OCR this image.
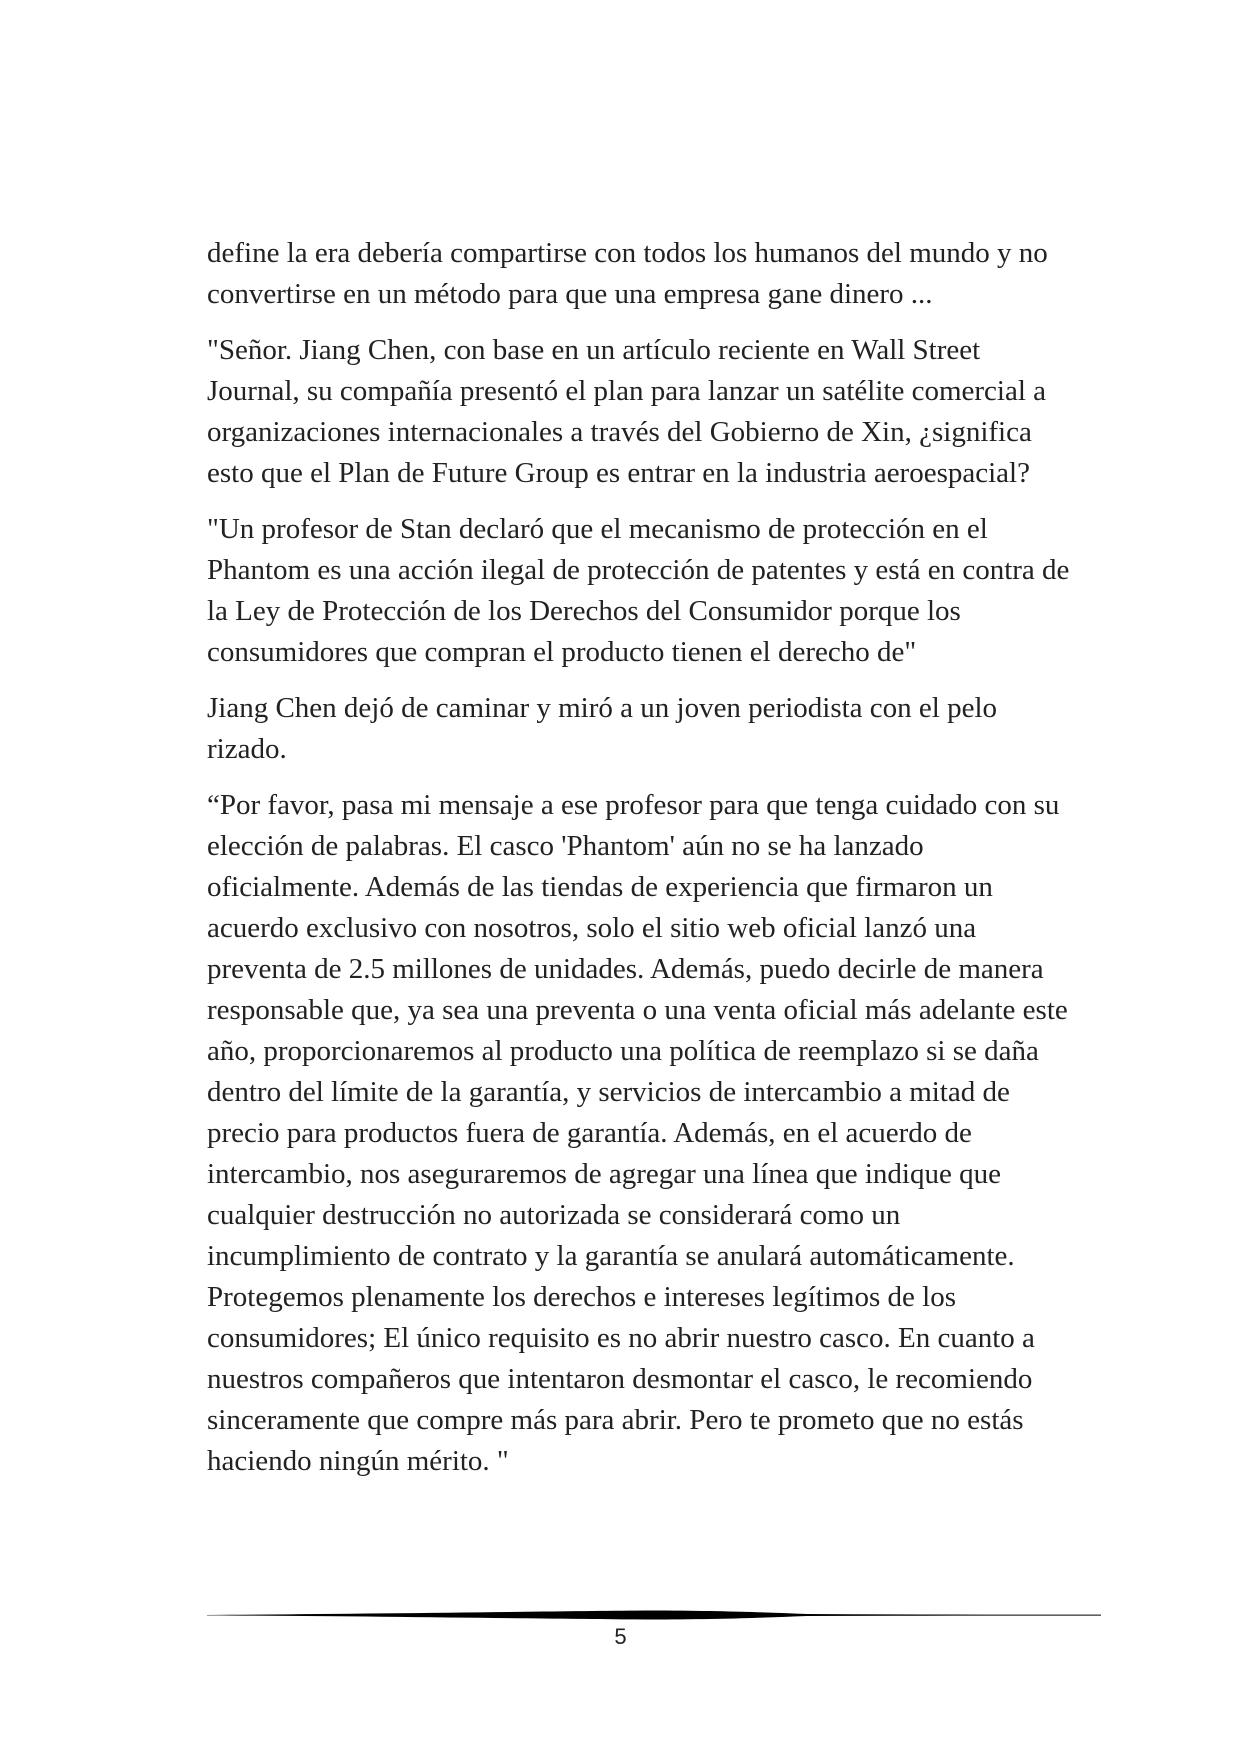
define la era debería compartirse con todos los humanos del mundo y no convertirse en un método para que una empresa gane dinero ...

"Señor. Jiang Chen, con base en un artículo reciente en Wall Street Journal, su compañía presentó el plan para lanzar un satélite comercial a organizaciones internacionales a través del Gobierno de Xin, ¿significa esto que el Plan de Future Group es entrar en la industria aeroespacial?

"Un profesor de Stan declaró que el mecanismo de protección en el Phantom es una acción ilegal de protección de patentes y está en contra de la Ley de Protección de los Derechos del Consumidor porque los consumidores que compran el producto tienen el derecho de"

Jiang Chen dejó de caminar y miró a un joven periodista con el pelo rizado.

“Por favor, pasa mi mensaje a ese profesor para que tenga cuidado con su elección de palabras. El casco 'Phantom' aún no se ha lanzado oficialmente. Además de las tiendas de experiencia que firmaron un acuerdo exclusivo con nosotros, solo el sitio web oficial lanzó una preventa de 2.5 millones de unidades. Además, puedo decirle de manera responsable que, ya sea una preventa o una venta oficial más adelante este año, proporcionaremos al producto una política de reemplazo si se daña dentro del límite de la garantía, y servicios de intercambio a mitad de precio para productos fuera de garantía. Además, en el acuerdo de intercambio, nos aseguraremos de agregar una línea que indique que cualquier destrucción no autorizada se considerará como un incumplimiento de contrato y la garantía se anulará automáticamente. Protegemos plenamente los derechos e intereses legítimos de los consumidores; El único requisito es no abrir nuestro casco. En cuanto a nuestros compañeros que intentaron desmontar el casco, le recomiendo sinceramente que compre más para abrir. Pero te prometo que no estás haciendo ningún mérito. "

5
